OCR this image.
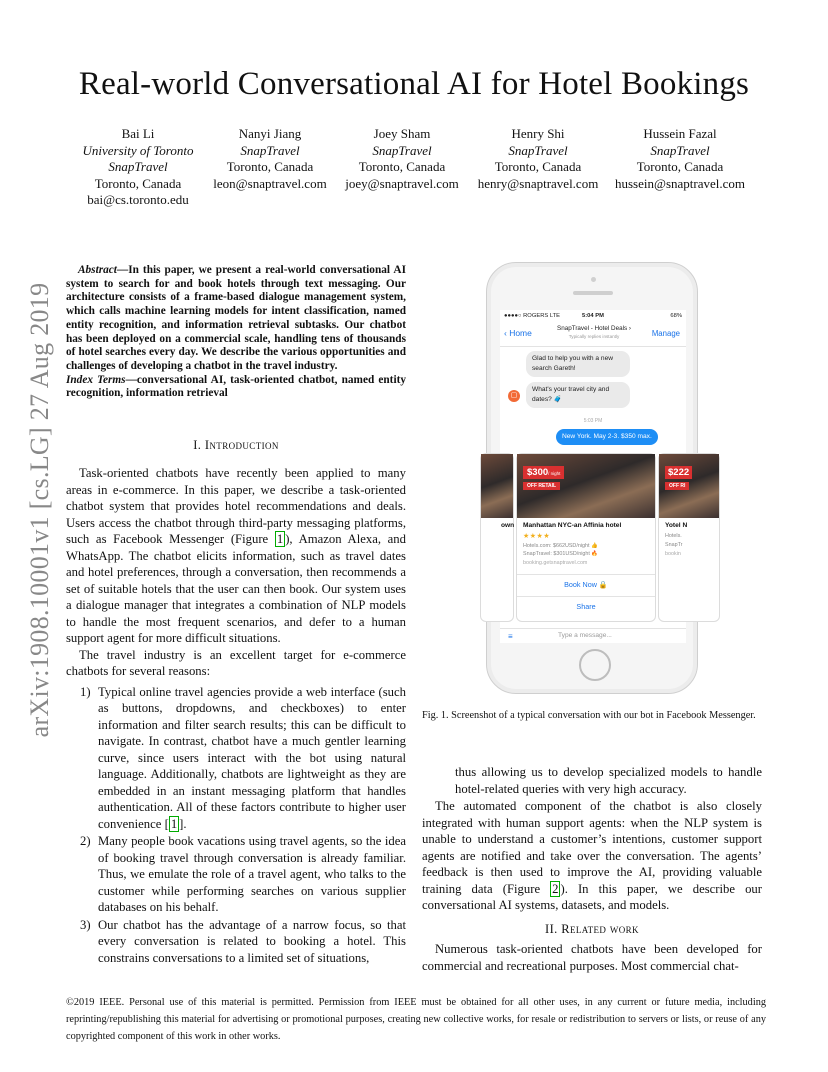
Real-world Conversational AI for Hotel Bookings
Bai Li
University of Toronto
SnapTravel
Toronto, Canada
bai@cs.toronto.edu
Nanyi Jiang
SnapTravel
Toronto, Canada
leon@snaptravel.com
Joey Sham
SnapTravel
Toronto, Canada
joey@snaptravel.com
Henry Shi
SnapTravel
Toronto, Canada
henry@snaptravel.com
Hussein Fazal
SnapTravel
Toronto, Canada
hussein@snaptravel.com
arXiv:1908.10001v1 [cs.LG] 27 Aug 2019
Abstract—In this paper, we present a real-world conversational AI system to search for and book hotels through text messaging. Our architecture consists of a frame-based dialogue management system, which calls machine learning models for intent classification, named entity recognition, and information retrieval subtasks. Our chatbot has been deployed on a commercial scale, handling tens of thousands of hotel searches every day. We describe the various opportunities and challenges of developing a chatbot in the travel industry.
Index Terms—conversational AI, task-oriented chatbot, named entity recognition, information retrieval
I. Introduction

Task-oriented chatbots have recently been applied to many areas in e-commerce. In this paper, we describe a task-oriented chatbot system that provides hotel recommendations and deals. Users access the chatbot through third-party messaging platforms, such as Facebook Messenger (Figure 1 ), Amazon Alexa, and WhatsApp. The chatbot elicits information, such as travel dates and hotel preferences, through a conversation, then recommends a set of suitable hotels that the user can then book. Our system uses a dialogue manager that integrates a combination of NLP models to handle the most frequent scenarios, and defer to a human support agent for more difficult situations.

The travel industry is an excellent target for e-commerce chatbots for several reasons:

1) Typical online travel agencies provide a web interface (such as buttons, dropdowns, and checkboxes) to enter information and filter search results; this can be difficult to navigate. In contrast, chatbot have a much gentler learning curve, since users interact with the bot using natural language. Additionally, chatbots are lightweight as they are embedded in an instant messaging platform that handles authentication. All of these factors contribute to higher user convenience [ 1 ].
2) Many people book vacations using travel agents, so the idea of booking travel through conversation is already familiar. Thus, we emulate the role of a travel agent, who talks to the customer while performing searches on various supplier databases on his behalf.
3) Our chatbot has the advantage of a narrow focus, so that every conversation is related to booking a hotel. This constrains conversations to a limited set of situations,
●●●●○ ROGERS LTE	5:04 PM	68%
‹ Home	SnapTravel - Hotel Deals ›
Typically replies instantly	Manage
Glad to help you with a new search Gareth!
What's your travel city and dates? 🧳
▢
5:03 PM
New York. May 2-3. $350 max.
own
$300/ night
OFF RETAIL
Manhattan NYC-an Affinia hotel
★★★★
Hotels.com: $662USD/night 👍
SnapTravel: $301USD/night 🔥
booking.getsnaptravel.com
Book Now 🔒
Share
$222
OFF RI
Yotel N
Hotels.
SnapTr
bookin
≡	Type a message...
Fig. 1. Screenshot of a typical conversation with our bot in Facebook Messenger.

thus allowing us to develop specialized models to handle hotel-related queries with very high accuracy.

The automated component of the chatbot is also closely integrated with human support agents: when the NLP system is unable to understand a customer’s intentions, customer support agents are notified and take over the conversation. The agents’ feedback is then used to improve the AI, providing valuable training data (Figure 2 ). In this paper, we describe our conversational AI systems, datasets, and models.

II. Related work

Numerous task-oriented chatbots have been developed for commercial and recreational purposes. Most commercial chat-

©2019 IEEE. Personal use of this material is permitted. Permission from IEEE must be obtained for all other uses, in any current or future media, including reprinting/republishing this material for advertising or promotional purposes, creating new collective works, for resale or redistribution to servers or lists, or reuse of any copyrighted component of this work in other works.
